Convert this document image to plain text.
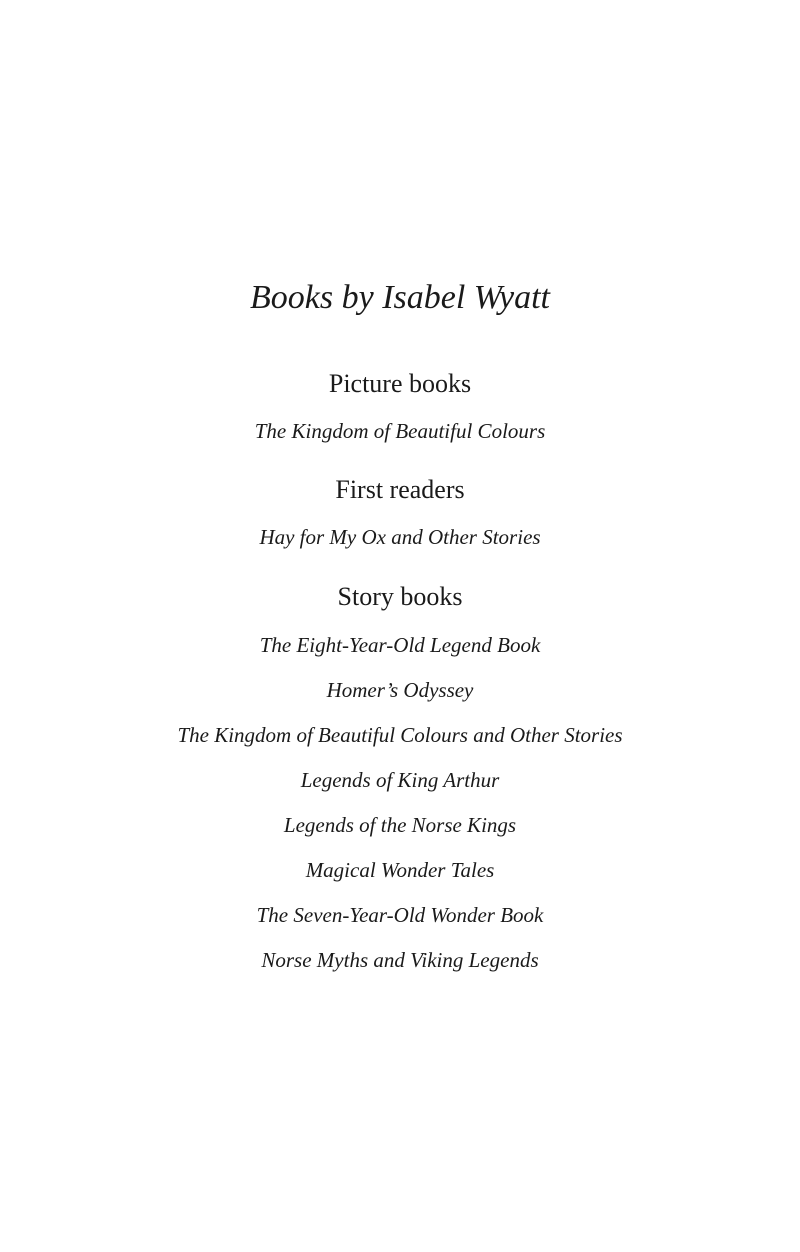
Books by Isabel Wyatt
Picture books

The Kingdom of Beautiful Colours

First readers

Hay for My Ox and Other Stories

Story books

The Eight-Year-Old Legend Book

Homer’s Odyssey

The Kingdom of Beautiful Colours and Other Stories

Legends of King Arthur

Legends of the Norse Kings

Magical Wonder Tales

The Seven-Year-Old Wonder Book

Norse Myths and Viking Legends
